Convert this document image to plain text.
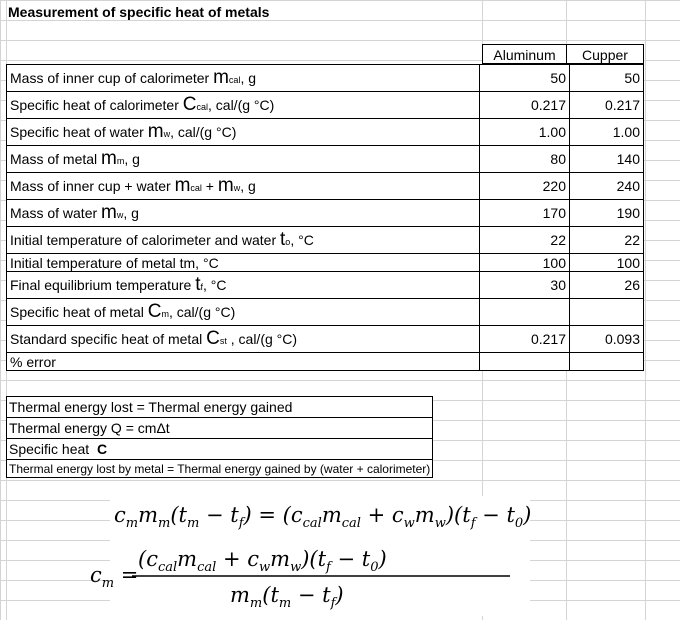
Measurement of specific heat of metals
Aluminum	Cupper
Mass of inner cup of calorimeter mcal, g	50	50
Specific heat of calorimeter Ccal, cal/(g °C)	0.217	0.217
Specific heat of water mw, cal/(g °C)	1.00	1.00
Mass of metal mm, g	80	140
Mass of inner cup + water mcal + mw, g	220	240
Mass of water mw, g	170	190
Initial temperature of calorimeter and water to, °C	22	22
Initial temperature of metal tm, °C	100	100
Final equilibrium temperature tf, °C	30	26
Specific heat of metal Cm, cal/(g °C)		
Standard specific heat of metal Cst , cal/(g °C)	0.217	0.093
% error		
Thermal energy lost = Thermal energy gained
Thermal energy Q = cmΔt
Specific heat  C
Thermal energy lost by metal = Thermal energy gained by (water + calorimeter)
$c_mm_m(t_m - t_f) = (c_{cal}m_{cal} + c_wm_w)(t_f - t_0)$
$c_m$ =
$(c_{cal}m_{cal} + c_wm_w)(t_f - t_0)$
$m_m(t_m - t_f)$
